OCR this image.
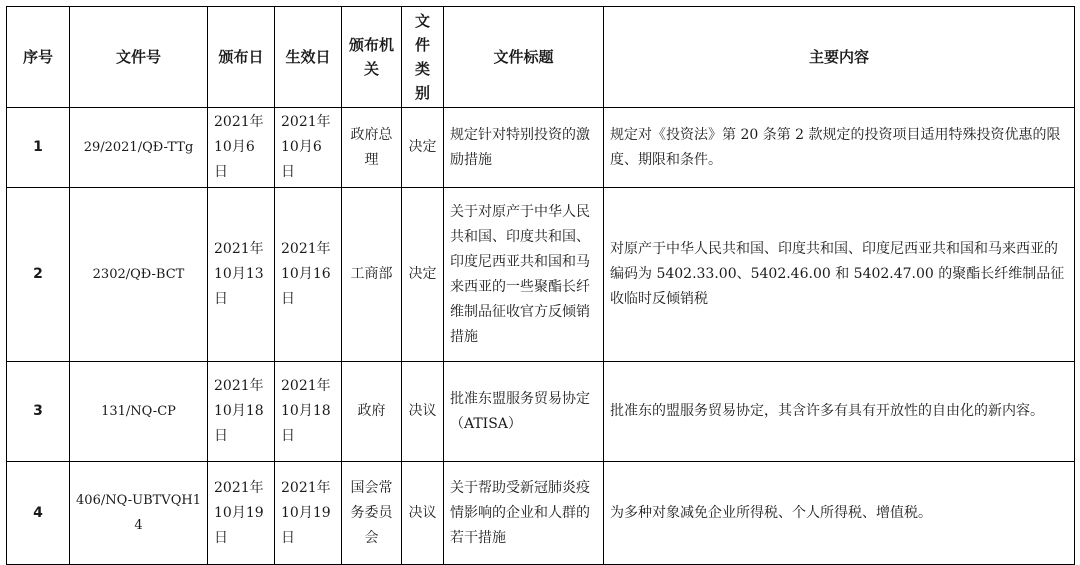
序号	文件号	颁布日	生效日	颁布机关	文件类别	文件标题	主要内容
1	29/2021/QĐ-TTg	2021年10月6日	2021年10月6日	政府总理	决定	规定针对特别投资的激励措施	规定对《投资法》第 20 条第 2 款规定的投资项目适用特殊投资优惠的限度、期限和条件。
2	2302/QĐ-BCT	2021年10月13日	2021年10月16日	工商部	决定	关于对原产于中华人民共和国、印度共和国、印度尼西亚共和国和马来西亚的一些聚酯长纤维制品征收官方反倾销措施	对原产于中华人民共和国、印度共和国、印度尼西亚共和国和马来西亚的编码为 5402.33.00、5402.46.00 和 5402.47.00 的聚酯长纤维制品征收临时反倾销税
3	131/NQ-CP	2021年10月18日	2021年10月18日	政府	决议	批准东盟服务贸易协定（ATISA）	批准东的盟服务贸易协定，其含许多有具有开放性的自由化的新内容。
4	406/NQ-UBTVQH14	2021年10月19日	2021年10月19日	国会常务委员会	决议	关于帮助受新冠肺炎疫情影响的企业和人群的若干措施	为多种对象减免企业所得税、个人所得税、增值税。
